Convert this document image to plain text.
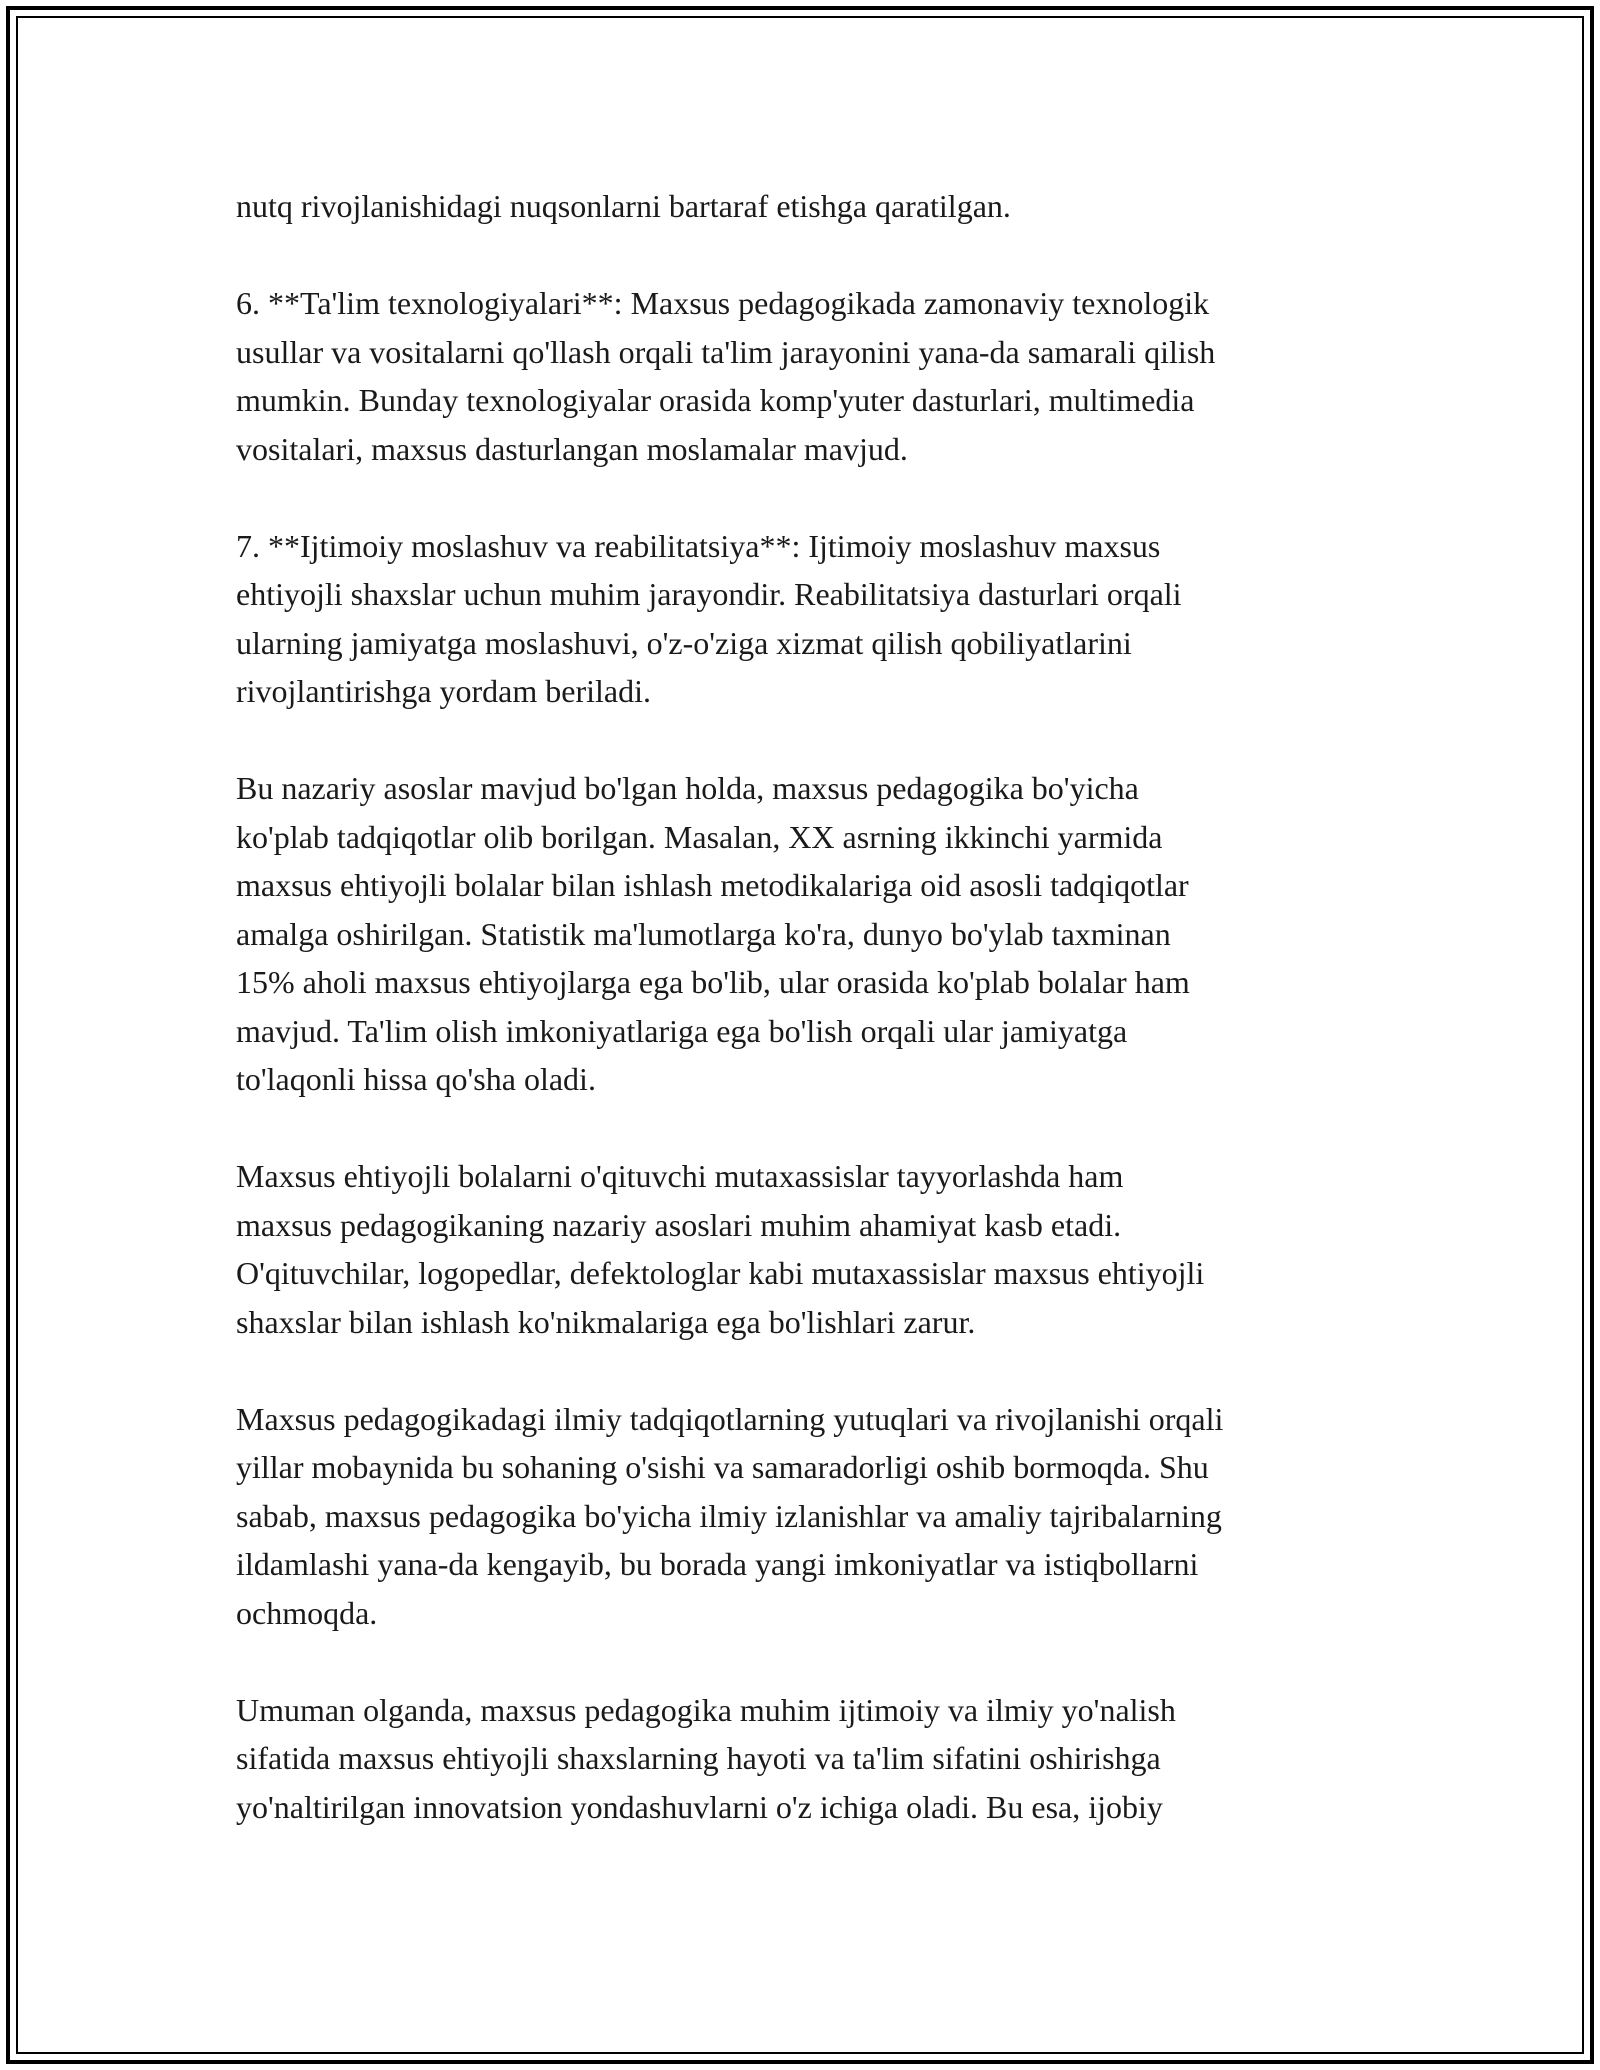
nutq rivojlanishidagi nuqsonlarni bartaraf etishga qaratilgan.

6. **Ta'lim texnologiyalari**: Maxsus pedagogikada zamonaviy texnologik
usullar va vositalarni qo'llash orqali ta'lim jarayonini yana-da samarali qilish
mumkin. Bunday texnologiyalar orasida komp'yuter dasturlari, multimedia
vositalari, maxsus dasturlangan moslamalar mavjud.

7. **Ijtimoiy moslashuv va reabilitatsiya**: Ijtimoiy moslashuv maxsus
ehtiyojli shaxslar uchun muhim jarayondir. Reabilitatsiya dasturlari orqali
ularning jamiyatga moslashuvi, o'z-o'ziga xizmat qilish qobiliyatlarini
rivojlantirishga yordam beriladi.

Bu nazariy asoslar mavjud bo'lgan holda, maxsus pedagogika bo'yicha
ko'plab tadqiqotlar olib borilgan. Masalan, XX asrning ikkinchi yarmida
maxsus ehtiyojli bolalar bilan ishlash metodikalariga oid asosli tadqiqotlar
amalga oshirilgan. Statistik ma'lumotlarga ko'ra, dunyo bo'ylab taxminan
15% aholi maxsus ehtiyojlarga ega bo'lib, ular orasida ko'plab bolalar ham
mavjud. Ta'lim olish imkoniyatlariga ega bo'lish orqali ular jamiyatga
to'laqonli hissa qo'sha oladi.

Maxsus ehtiyojli bolalarni o'qituvchi mutaxassislar tayyorlashda ham
maxsus pedagogikaning nazariy asoslari muhim ahamiyat kasb etadi.
O'qituvchilar, logopedlar, defektologlar kabi mutaxassislar maxsus ehtiyojli
shaxslar bilan ishlash ko'nikmalariga ega bo'lishlari zarur.

Maxsus pedagogikadagi ilmiy tadqiqotlarning yutuqlari va rivojlanishi orqali
yillar mobaynida bu sohaning o'sishi va samaradorligi oshib bormoqda. Shu
sabab, maxsus pedagogika bo'yicha ilmiy izlanishlar va amaliy tajribalarning
ildamlashi yana-da kengayib, bu borada yangi imkoniyatlar va istiqbollarni
ochmoqda.

Umuman olganda, maxsus pedagogika muhim ijtimoiy va ilmiy yo'nalish
sifatida maxsus ehtiyojli shaxslarning hayoti va ta'lim sifatini oshirishga
yo'naltirilgan innovatsion yondashuvlarni o'z ichiga oladi. Bu esa, ijobiy
